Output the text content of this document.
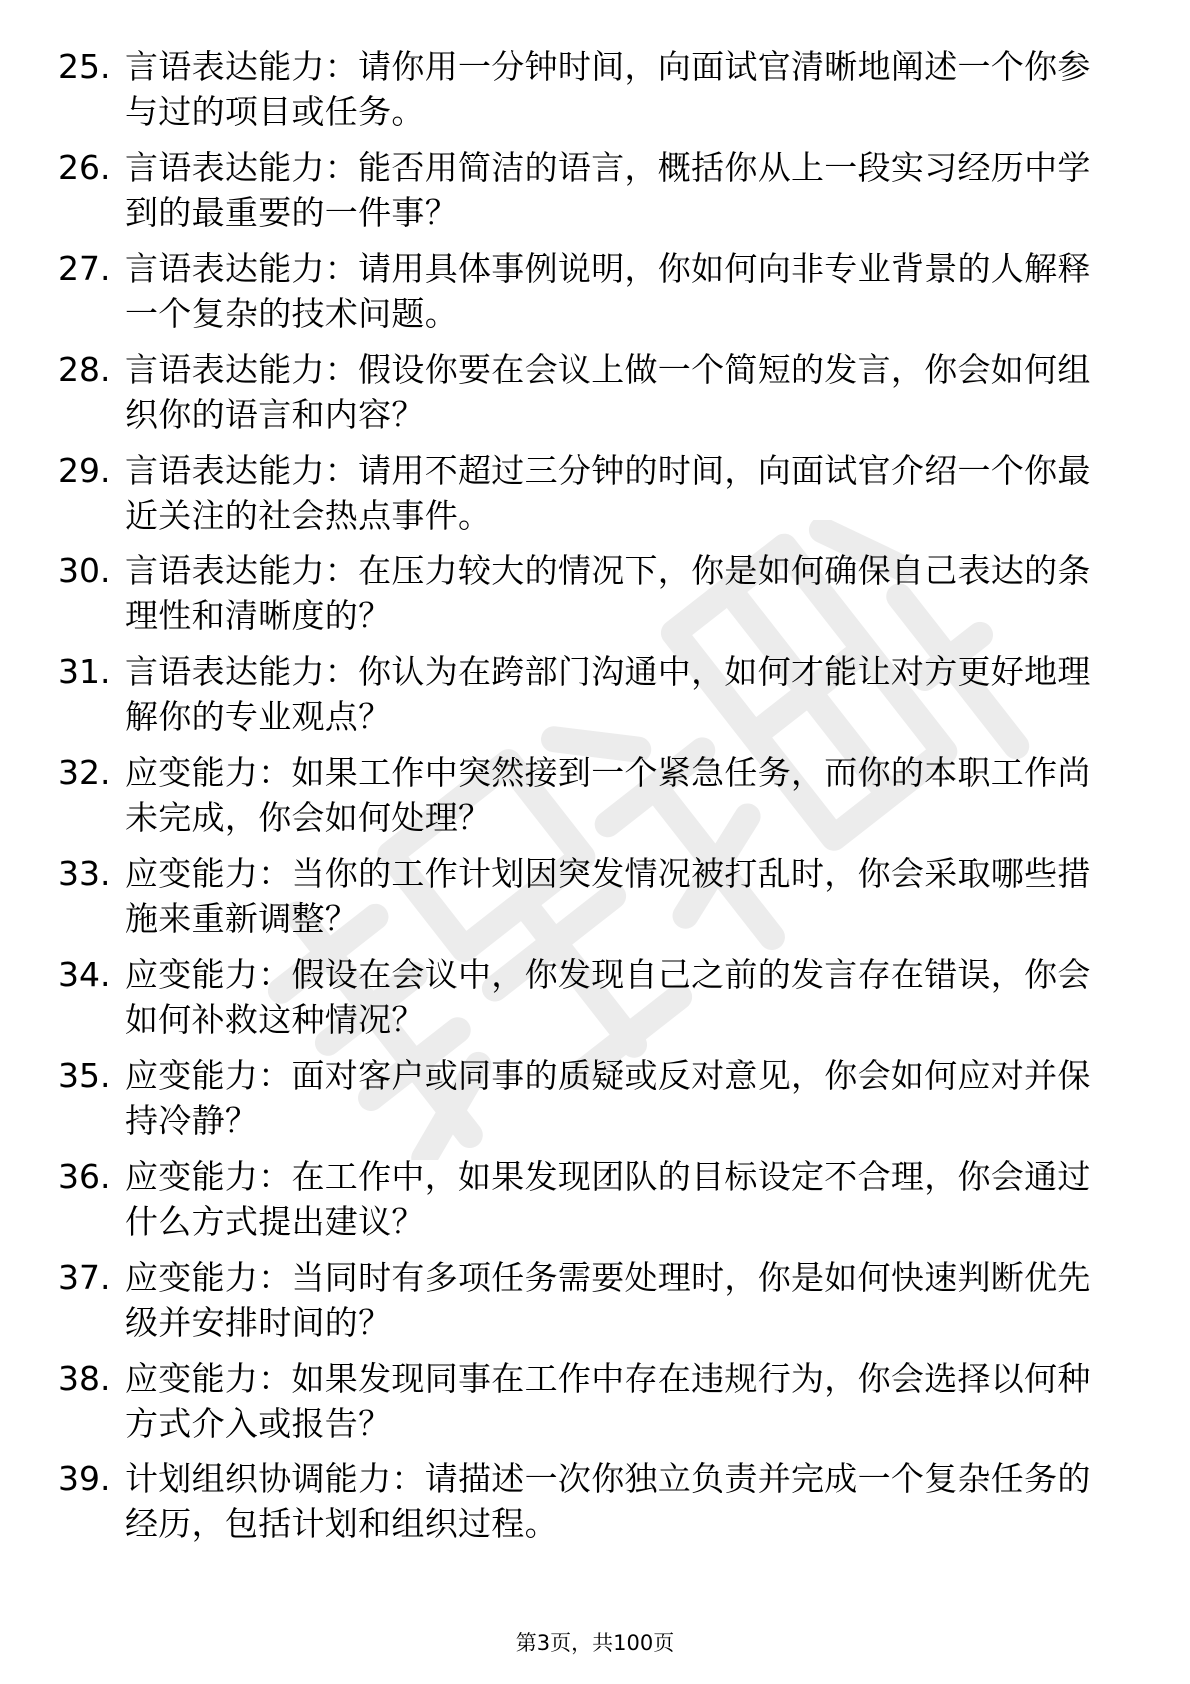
25. 言语表达能力：请你用一分钟时间，向面试官清晰地阐述一个你参与过的项目或任务。
26. 言语表达能力：能否用简洁的语言，概括你从上一段实习经历中学到的最重要的一件事？
27. 言语表达能力：请用具体事例说明，你如何向非专业背景的人解释一个复杂的技术问题。
28. 言语表达能力：假设你要在会议上做一个简短的发言，你会如何组织你的语言和内容？
29. 言语表达能力：请用不超过三分钟的时间，向面试官介绍一个你最近关注的社会热点事件。
30. 言语表达能力：在压力较大的情况下，你是如何确保自己表达的条理性和清晰度的？
31. 言语表达能力：你认为在跨部门沟通中，如何才能让对方更好地理解你的专业观点？
32. 应变能力：如果工作中突然接到一个紧急任务，而你的本职工作尚未完成，你会如何处理？
33. 应变能力：当你的工作计划因突发情况被打乱时，你会采取哪些措施来重新调整？
34. 应变能力：假设在会议中，你发现自己之前的发言存在错误，你会如何补救这种情况？
35. 应变能力：面对客户或同事的质疑或反对意见，你会如何应对并保持冷静？
36. 应变能力：在工作中，如果发现团队的目标设定不合理，你会通过什么方式提出建议？
37. 应变能力：当同时有多项任务需要处理时，你是如何快速判断优先级并安排时间的？
38. 应变能力：如果发现同事在工作中存在违规行为，你会选择以何种方式介入或报告？
39. 计划组织协调能力：请描述一次你独立负责并完成一个复杂任务的经历，包括计划和组织过程。
第3页，共100页
